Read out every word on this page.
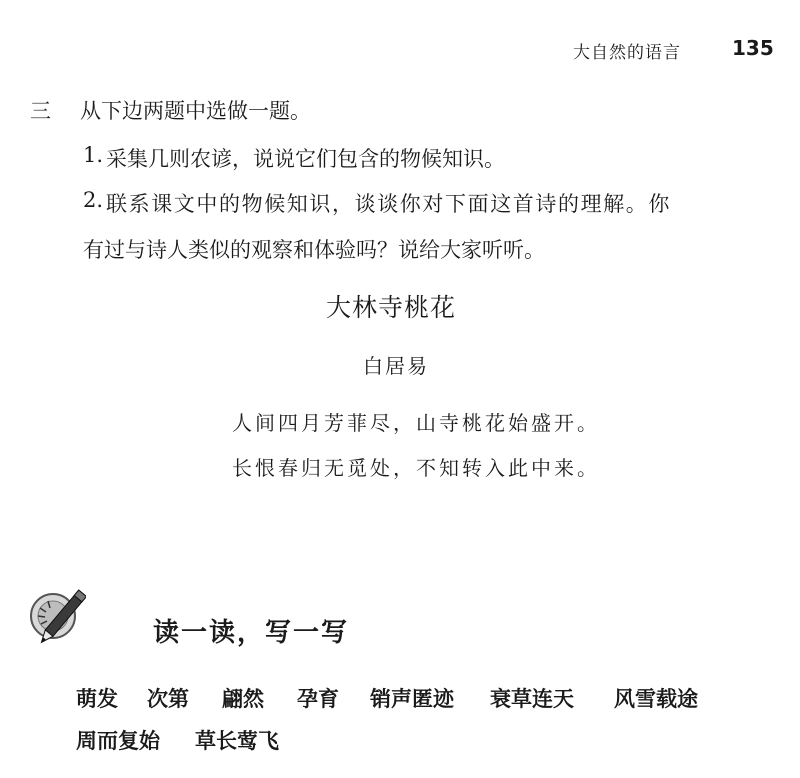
大自然的语言	135
三 从下边两题中选做一题。
1. 采集几则农谚，说说它们包含的物候知识。
2. 联系课文中的物候知识，谈谈你对下面这首诗的理解。你
有过与诗人类似的观察和体验吗？说给大家听听。
大林寺桃花
白居易
人间四月芳菲尽，山寺桃花始盛开。
长恨春归无觅处，不知转入此中来。
读一读，写一写
萌发 次第 翩然 孕育 销声匿迹 衰草连天 风雪载途
周而复始 草长莺飞
